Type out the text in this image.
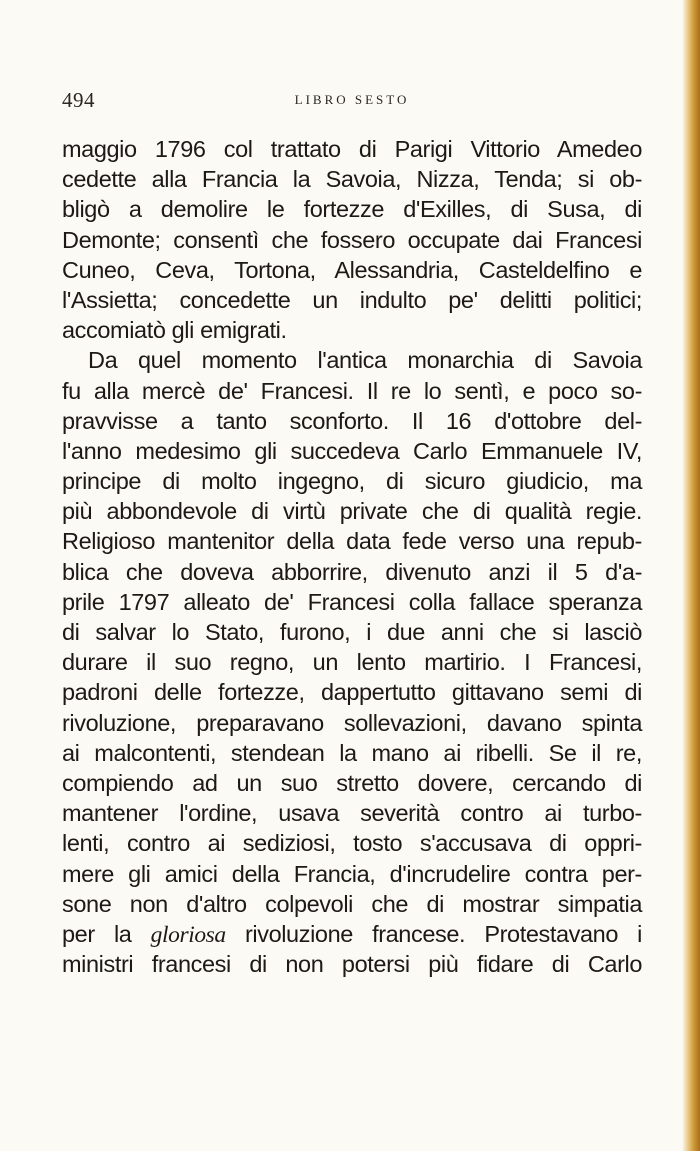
494	LIBRO SESTO
maggio 1796 col trattato di Parigi Vittorio Amedeo
cedette alla Francia la Savoia, Nizza, Tenda; si ob-
bligò a demolire le fortezze d'Exilles, di Susa, di
Demonte; consentì che fossero occupate dai Francesi
Cuneo, Ceva, Tortona, Alessandria, Casteldelfino e
l'Assietta; concedette un indulto pe' delitti politici;
accomiatò gli emigrati.
Da quel momento l'antica monarchia di Savoia
fu alla mercè de' Francesi. Il re lo sentì, e poco so-
pravvisse a tanto sconforto. Il 16 d'ottobre del-
l'anno medesimo gli succedeva Carlo Emmanuele IV,
principe di molto ingegno, di sicuro giudicio, ma
più abbondevole di virtù private che di qualità regie.
Religioso mantenitor della data fede verso una repub-
blica che doveva abborrire, divenuto anzi il 5 d'a-
prile 1797 alleato de' Francesi colla fallace speranza
di salvar lo Stato, furono, i due anni che si lasciò
durare il suo regno, un lento martirio. I Francesi,
padroni delle fortezze, dappertutto gittavano semi di
rivoluzione, preparavano sollevazioni, davano spinta
ai malcontenti, stendean la mano ai ribelli. Se il re,
compiendo ad un suo stretto dovere, cercando di
mantener l'ordine, usava severità contro ai turbo-
lenti, contro ai sediziosi, tosto s'accusava di oppri-
mere gli amici della Francia, d'incrudelire contra per-
sone non d'altro colpevoli che di mostrar simpatia
per la gloriosa rivoluzione francese. Protestavano i
ministri francesi di non potersi più fidare di Carlo
